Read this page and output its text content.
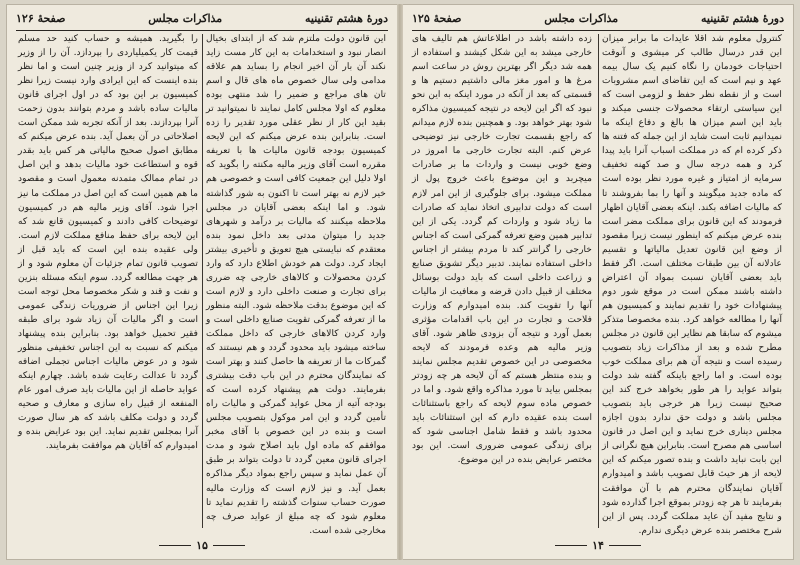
دورۀ هشتم تقنینیه
مذاکرات مجلس
صفحهٔ ۱۲۶
این قانون دولت ملتزم شد که از ابتدای بخیال انصار نبود و استخدامات به این کار مست زاید نکند آن بار آن اخیر انجام را بساید هم علاقه مدامی ولی سال خصوص ماه های قال و اسم تان های مراجع و ضمیر را شد منتهی بوده معلوم که اولا مجلس کامل نمایند تا نمیتوانید تر بقید این کار از نظر عقلی مورد تقدیر را زده است. بنابراین بنده عرض میکنم که این لایحه کمیسیون بودجه قانون مالیات ها با تعریفه مقرره است آقای وزیر مالیه مکنته را بگوید که اولا دلیل این جمعیت کافی است و خصوصی هم خیر لازم نه بهتر است تا اکنون به شور گذاشته شود. و اما اینکه بعضی آقایان در مجلس ملاحظه میکنند که مالیات بر درآمد و شهرهای جدید را میتوان مدتی بعد داخل نمود بنده معتقدم که نبایستی هیچ تعویق و تأخیری بیشتر ایجاد کرد. دولت هم خودش اطلاع دارد که وارد کردن محصولات و کالاهای خارجی چه ضرری برای تجارت و صنعت داخلی دارد و لازم است که این موضوع بدقت ملاحظه شود. البته منظور ما از تعرفه گمرکی تقویت صنایع داخلی است و وارد کردن کالاهای خارجی که داخل مملکت ساخته میشود باید محدود گردد و هم نیستند که گمرکات ما از تعریفه ها حاصل کنند و بهتر است که نمایندگان محترم در این باب دقت بیشتری بفرمایند. دولت هم پیشنهاد کرده است که بودجه آتیه از محل عواید گمرکی و مالیات راه تأمین گردد و این امر موکول بتصویب مجلس است و بنده در این خصوص با آقای مخبر موافقم که ماده اول باید اصلاح شود و مدت اجرای قانون معین گردد تا دولت بتواند بر طبق آن عمل نماید و سپس راجع بمواد دیگر مذاکره بعمل آید. و نیز لازم است که وزارت مالیه صورت حساب سنوات گذشته را تقدیم نماید تا معلوم شود که چه مبلغ از عواید صرف چه مخارجی شده است.
را بگیرید. همیشه و حساب کنید حد مسلم قیمت کار یکمیلیاردی را بپردازد. آن را از وزیر که میتوانید کرد از وزیر چنین است و اما نظر بنده اینست که این ایرادی وارد نیست زیرا نظر کمیسیون بر این بود که در اول اجرای قانون مالیات ساده باشد و مردم بتوانند بدون زحمت آنرا بپردازند. بعد از آنکه تجربه شد ممکن است اصلاحاتی در آن بعمل آید. بنده عرض میکنم که مطابق اصول صحیح مالیاتی هر کس باید بقدر قوه و استطاعت خود مالیات بدهد و این اصل در تمام ممالک متمدنه معمول است و مقصود ما هم همین است که این اصل در مملکت ما نیز اجرا شود. آقای وزیر مالیه هم در کمیسیون توضیحات کافی دادند و کمیسیون قانع شد که این لایحه برای حفظ منافع مملکت لازم است. ولی عقیده بنده این است که باید قبل از تصویب قانون تمام جزئیات آن معلوم شود و از هر جهت مطالعه گردد. سوم اینکه مسئله بنزین و نفت و قند و شکر مخصوصا محل توجه است زیرا این اجناس از ضروریات زندگی عمومی است و اگر مالیات آن زیاد شود برای طبقه فقیر تحمیل خواهد بود. بنابراین بنده پیشنهاد میکنم که نسبت به این اجناس تخفیفی منظور شود و در عوض مالیات اجناس تجملی اضافه گردد تا عدالت رعایت شده باشد. چهارم اینکه عواید حاصله از این مالیات باید صرف امور عام المنفعه از قبیل راه سازی و معارف و صحیه گردد و دولت مکلف باشد که هر سال صورت آنرا بمجلس تقدیم نماید. این بود عرایض بنده و امیدوارم که آقایان هم موافقت بفرمایند.
۱۵
دورۀ هشتم تقنینیه
مذاکرات مجلس
صفحهٔ ۱۲۵
کنترول معلوم شد اقلا عایدات ما برابر میزان این قدر درسال طالب کر میشوی و آنوقت احتیاجات خودمان را نگاه کنیم یک سال بیمه عهد و نیم است که این تقاضای اسم مشروبات است و از نقطه نظر حفظ و لزومی است که این سیاستی ارتقاء محصولات جنسی میکند و باید این اسم میزان ها بالغ و دفاع اینکه ما نمیدانیم ثابت است شاید از این جمله که فتنه ها ذکر کرده ام که در مملکت اسباب آنرا باید پیدا کرد و همه درجه سال و صد کهنه تخفیف سرمایه از امتیاز و غیره مورد نظر بوده است که ماده جدید میگویند و آنها را بما بفروشند تا که مالیات اضافه بکند. اینکه بعضی آقایان اظهار فرمودند که این قانون برای مملکت مضر است بنده عرض میکنم که اینطور نیست زیرا مقصود از وضع این قانون تعدیل مالیاتها و تقسیم عادلانه آن بین طبقات مختلف است. اگر فقط باید بعضی آقایان نسبت بمواد آن اعتراض داشته باشند ممکن است در موقع شور دوم پیشنهادات خود را تقدیم نمایند و کمیسیون هم آنها را مطالعه خواهد کرد. بنده مخصوصا متذکر میشوم که سابقا هم نظایر این قانون در مجلس مطرح شده و بعد از مذاکرات زیاد بتصویب رسیده است و نتیجه آن هم برای مملکت خوب بوده است. و اما راجع باینکه گفته شد دولت بتواند عواید را هر طور بخواهد خرج کند این صحیح نیست زیرا هر خرجی باید بتصویب مجلس باشد و دولت حق ندارد بدون اجازه مجلس دیناری خرج نماید و این اصل در قانون اساسی هم مصرح است. بنابراین هیچ نگرانی از این بابت نباید داشت و بنده تصور میکنم که این لایحه از هر حیث قابل تصویب باشد و امیدوارم آقایان نمایندگان محترم هم با آن موافقت بفرمایند تا هر چه زودتر بموقع اجرا گذارده شود و نتایج مفید آن عاید مملکت گردد. پس از این شرح مختصر بنده عرض دیگری ندارم.
زده داشته باشد در اطلاعاتش هم تالیف های خارجی میشد به این شکل کیشند و استفاده از همه شد دیگر اگر بهترین روش در ساعت اسم مرغ ها و امور مغز مالی داشتیم دستیم ها و قسمتی که بعد از آنکه در مورد اینکه به این نحو نبود که اگر این لایحه در نتیجه کمیسیون مذاکره شود بهتر خواهد بود. و همچنین بنده لازم میدانم که راجع بقسمت تجارت خارجی نیز توضیحی عرض کنم. البته تجارت خارجی ما امروز در وضع خوبی نیست و واردات ما بر صادرات میچربد و این موضوع باعث خروج پول از مملکت میشود. برای جلوگیری از این امر لازم است که دولت تدابیری اتخاذ نماید که صادرات ما زیاد شود و واردات کم گردد. یکی از این تدابیر همین وضع تعرفه گمرکی است که اجناس خارجی را گرانتر کند تا مردم بیشتر از اجناس داخلی استفاده نمایند. تدبیر دیگر تشویق صنایع و زراعت داخلی است که باید دولت بوسائل مختلف از قبیل دادن قرضه و معافیت از مالیات آنها را تقویت کند. بنده امیدوارم که وزارت فلاحت و تجارت در این باب اقدامات مؤثری بعمل آورد و نتیجه آن بزودی ظاهر شود. آقای وزیر مالیه هم وعده فرمودند که لایحه مخصوصی در این خصوص تقدیم مجلس نمایند و بنده منتظر هستم که آن لایحه هر چه زودتر بمجلس بیاید تا مورد مذاکره واقع شود. و اما در خصوص ماده سوم لایحه که راجع باستثنائات است بنده عقیده دارم که این استثنائات باید محدود باشد و فقط شامل اجناسی شود که برای زندگی عمومی ضروری است. این بود مختصر عرایض بنده در این موضوع.
۱۴
